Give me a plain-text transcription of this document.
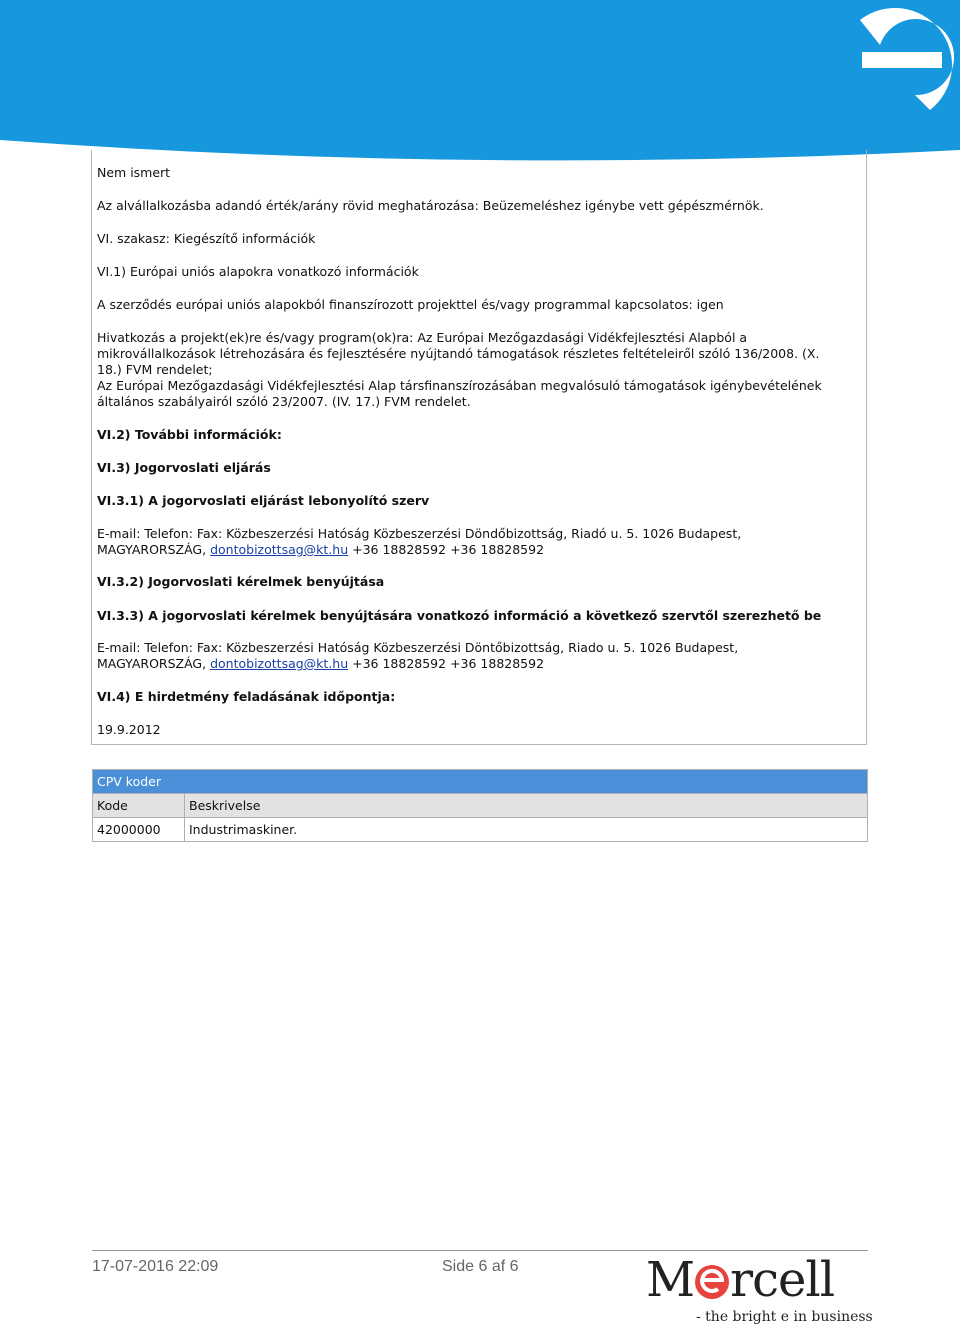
Nem ismert

Az alvállalkozásba adandó érték/arány rövid meghatározása: Beüzemeléshez igénybe vett gépészmérnök.

VI. szakasz: Kiegészítő információk

VI.1) Európai uniós alapokra vonatkozó információk

A szerződés európai uniós alapokból finanszírozott projekttel és/vagy programmal kapcsolatos: igen

Hivatkozás a projekt(ek)re és/vagy program(ok)ra: Az Európai Mezőgazdasági Vidékfejlesztési Alapból a mikrovállalkozások létrehozására és fejlesztésére nyújtandó támogatások részletes feltételeiről szóló 136/2008. (X. 18.) FVM rendelet;

Az Európai Mezőgazdasági Vidékfejlesztési Alap társfinanszírozásában megvalósuló támogatások igénybevételének általános szabályairól szóló 23/2007. (IV. 17.) FVM rendelet.

VI.2) További információk:

VI.3) Jogorvoslati eljárás

VI.3.1) A jogorvoslati eljárást lebonyolító szerv

E-mail: Telefon: Fax: Közbeszerzési Hatóság Közbeszerzési Döndőbizottság, Riadó u. 5. 1026 Budapest, MAGYARORSZÁG, dontobizottsag@kt.hu +36 18828592 +36 18828592

VI.3.2) Jogorvoslati kérelmek benyújtása

VI.3.3) A jogorvoslati kérelmek benyújtására vonatkozó információ a következő szervtől szerezhető be

E-mail: Telefon: Fax: Közbeszerzési Hatóság Közbeszerzési Döntőbizottság, Riado u. 5. 1026 Budapest, MAGYARORSZÁG, dontobizottsag@kt.hu +36 18828592 +36 18828592

VI.4) E hirdetmény feladásának időpontja:

19.9.2012

CPV koder	
Kode	Beskrivelse
42000000	Industrimaskiner.
17-07-2016 22:09	Side 6 af 6	M rcell
- the bright e in business
